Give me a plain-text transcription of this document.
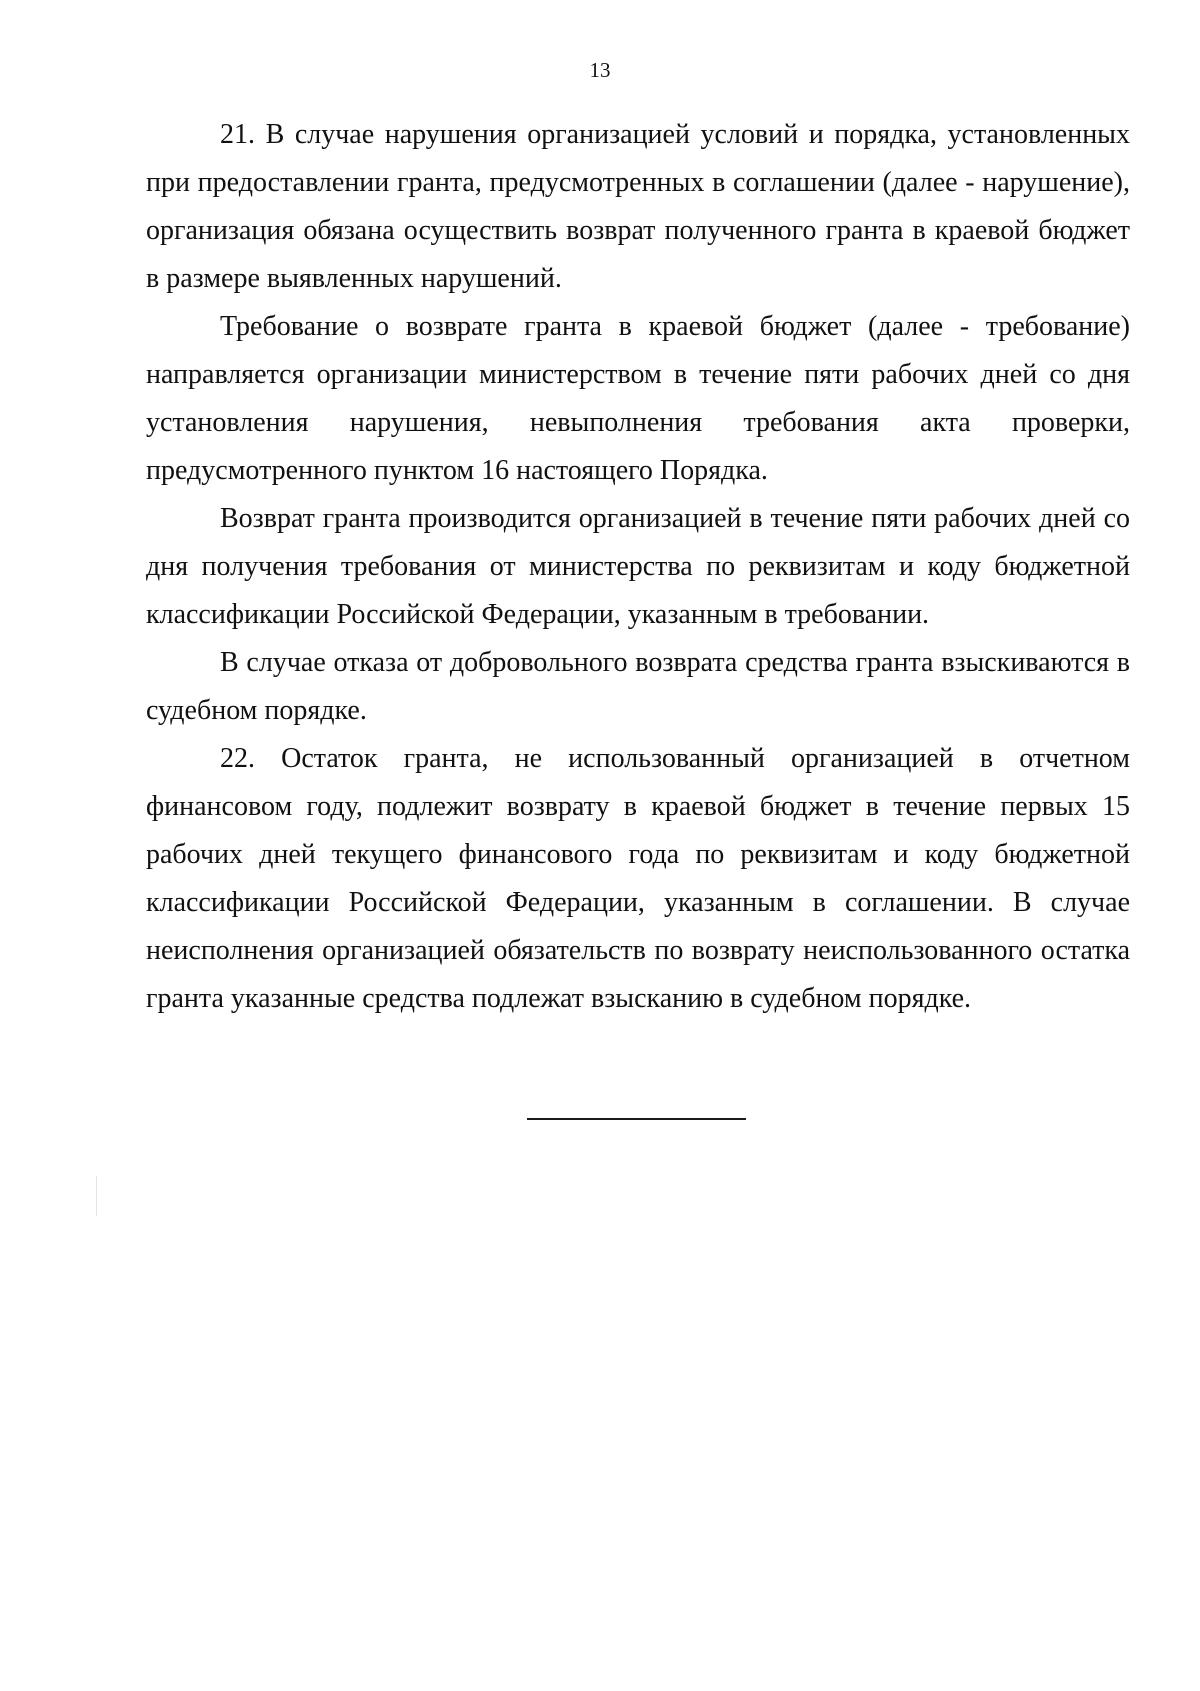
13

21. В случае нарушения организацией условий и порядка, установленных при предоставлении гранта, предусмотренных в соглашении (далее - нарушение), организация обязана осуществить возврат полученного гранта в краевой бюджет в размере выявленных нарушений.

Требование о возврате гранта в краевой бюджет (далее - требование) направляется организации министерством в течение пяти рабочих дней со дня установления нарушения, невыполнения требования акта проверки, предусмотренного пунктом 16 настоящего Порядка.

Возврат гранта производится организацией в течение пяти рабочих дней со дня получения требования от министерства по реквизитам и коду бюджетной классификации Российской Федерации, указанным в требовании.

В случае отказа от добровольного возврата средства гранта взыскиваются в судебном порядке.

22. Остаток гранта, не использованный организацией в отчетном финансовом году, подлежит возврату в краевой бюджет в течение первых 15 рабочих дней текущего финансового года по реквизитам и коду бюджетной классификации Российской Федерации, указанным в соглашении. В случае неисполнения организацией обязательств по возврату неиспользованного остатка гранта указанные средства подлежат взысканию в судебном порядке.
